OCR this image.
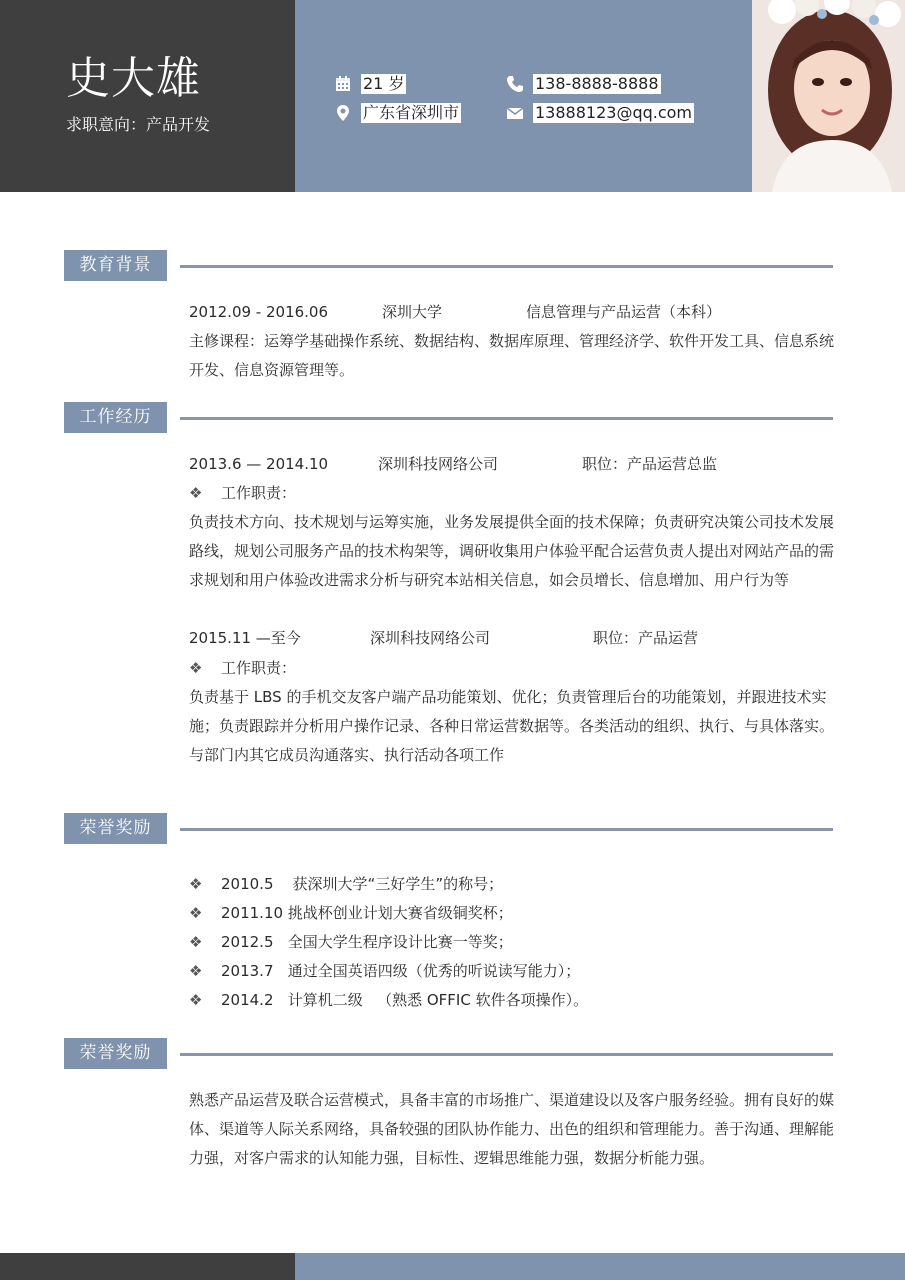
史大雄
求职意向：产品开发
21 岁
广东省深圳市
138-8888-8888
13888123@qq.com
教育背景
2012.09 - 2016.06	深圳大学	信息管理与产品运营（本科）
主修课程：运筹学基础操作系统、数据结构、数据库原理、管理经济学、软件开发工具、信息系统开发、信息资源管理等。
工作经历
2013.6 — 2014.10	深圳科技网络公司	职位：产品运营总监
❖ 工作职责：
负责技术方向、技术规划与运筹实施，业务发展提供全面的技术保障；负责研究决策公司技术发展路线，规划公司服务产品的技术构架等，调研收集用户体验平配合运营负责人提出对网站产品的需求规划和用户体验改进需求分析与研究本站相关信息，如会员增长、信息增加、用户行为等
2015.11 —至今	深圳科技网络公司	职位：产品运营
❖ 工作职责：
负责基于 LBS 的手机交友客户端产品功能策划、优化；负责管理后台的功能策划，并跟进技术实施；负责跟踪并分析用户操作记录、各种日常运营数据等。各类活动的组织、执行、与具体落实。与部门内其它成员沟通落实、执行活动各项工作
荣誉奖励
❖ 2010.5    获深圳大学“三好学生”的称号；
❖ 2011.10 挑战杯创业计划大赛省级铜奖杯；
❖ 2012.5   全国大学生程序设计比赛一等奖；
❖ 2013.7   通过全国英语四级（优秀的听说读写能力）；
❖ 2014.2   计算机二级   （熟悉 OFFIC 软件各项操作）。
荣誉奖励
熟悉产品运营及联合运营模式，具备丰富的市场推广、渠道建设以及客户服务经验。拥有良好的媒体、渠道等人际关系网络，具备较强的团队协作能力、出色的组织和管理能力。善于沟通、理解能力强，对客户需求的认知能力强，目标性、逻辑思维能力强，数据分析能力强。
